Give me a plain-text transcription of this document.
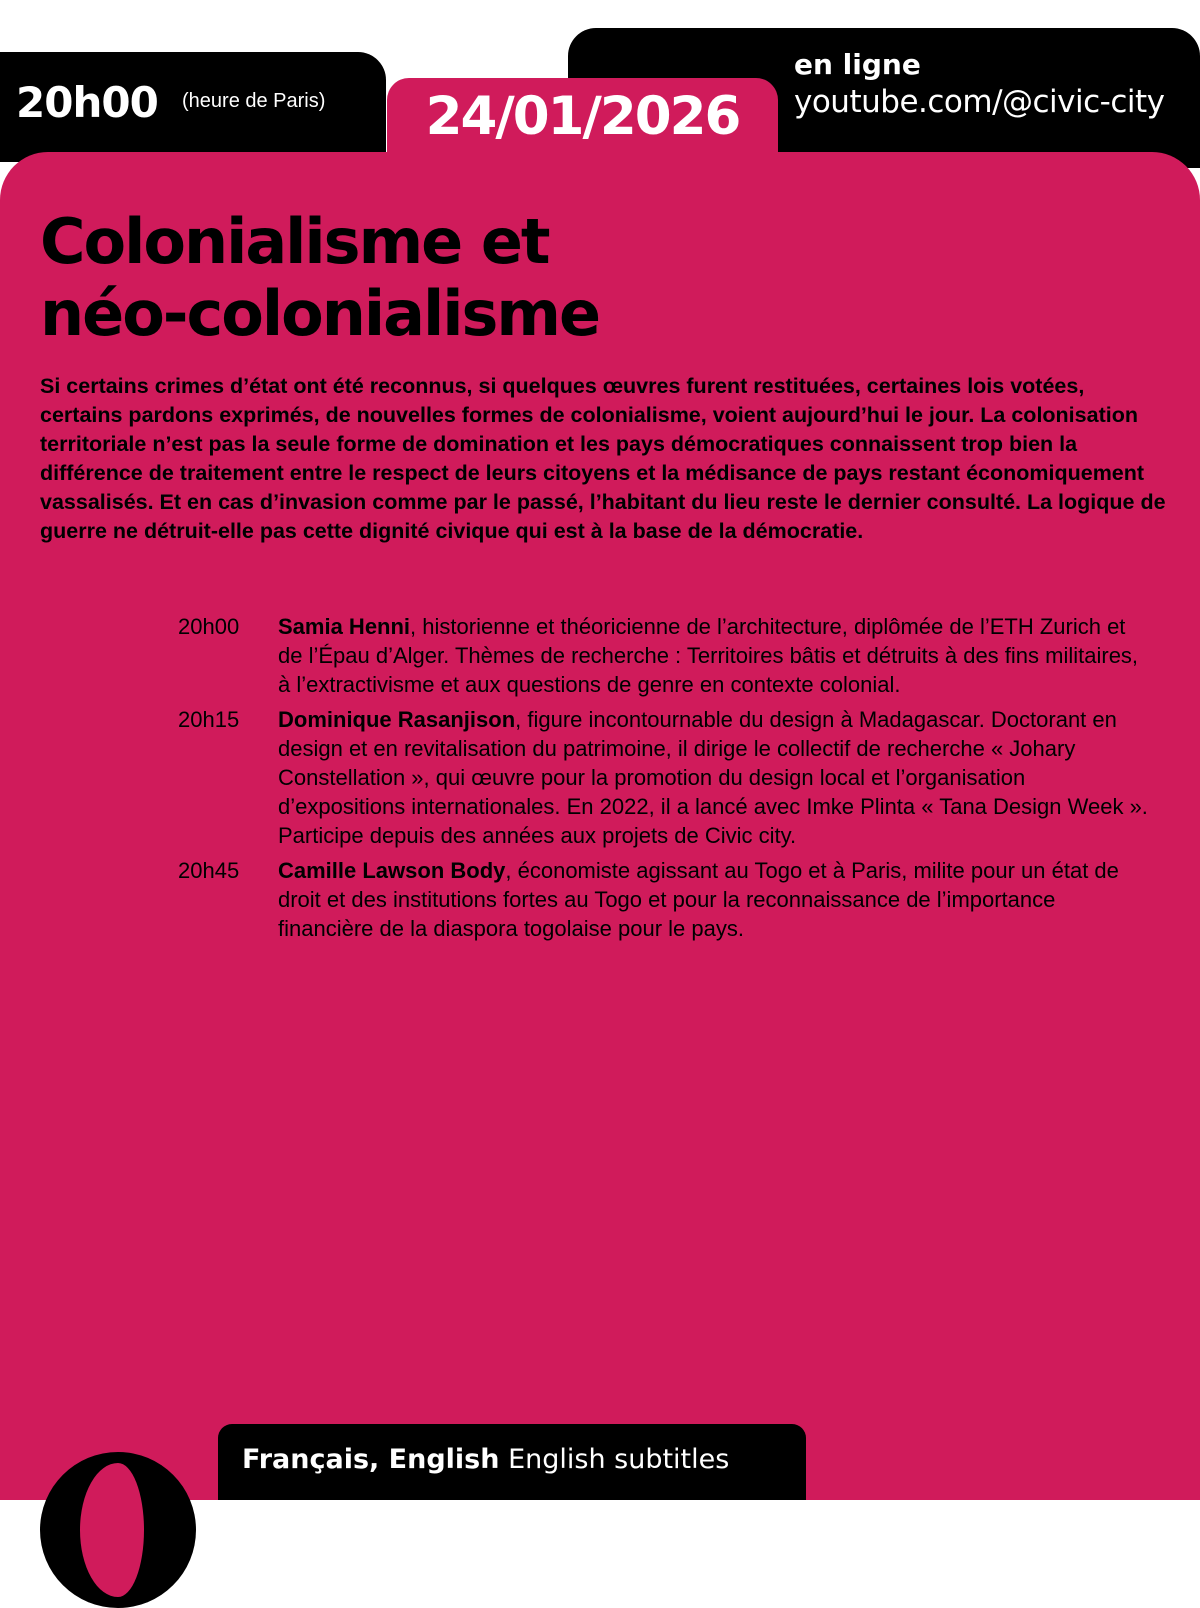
20h00 (heure de Paris)
en ligne
youtube.com/@civic-city
Colonialisme et
néo-colonialisme

Si certains crimes d’état ont été reconnus, si quelques œuvres furent restituées, certaines lois votées, certains pardons exprimés, de nouvelles formes de colonialisme, voient aujourd’hui le jour. La colonisation territoriale n’est pas la seule forme de domination et les pays démocratiques connaissent trop bien la différence de traitement entre le respect de leurs citoyens et la médisance de pays restant économiquement vassalisés. Et en cas d’invasion comme par le passé, l’habitant du lieu reste le dernier consulté. La logique de guerre ne détruit-elle pas cette dignité civique qui est à la base de la démocratie.

20h00	Samia Henni, historienne et théoricienne de l’architecture, diplômée de l’ETH Zurich et de l’Épau d’Alger. Thèmes de recherche : Territoires bâtis et détruits à des fins militaires, à l’extractivisme et aux questions de genre en contexte colonial.
20h15	Dominique Rasanjison, figure incontournable du design à Madagascar. Doctorant en design et en revitalisation du patrimoine, il dirige le collectif de recherche « Johary Constellation », qui œuvre pour la promotion du design local et l’organisation d’expositions internationales. En 2022, il a lancé avec Imke Plinta « Tana Design Week ». Participe depuis des années aux projets de Civic city.
20h45	Camille Lawson Body, économiste agissant au Togo et à Paris, milite pour un état de droit et des institutions fortes au Togo et pour la reconnaissance de l’importance financière de la diaspora togolaise pour le pays.
24/01/2026
Français, English English subtitles
